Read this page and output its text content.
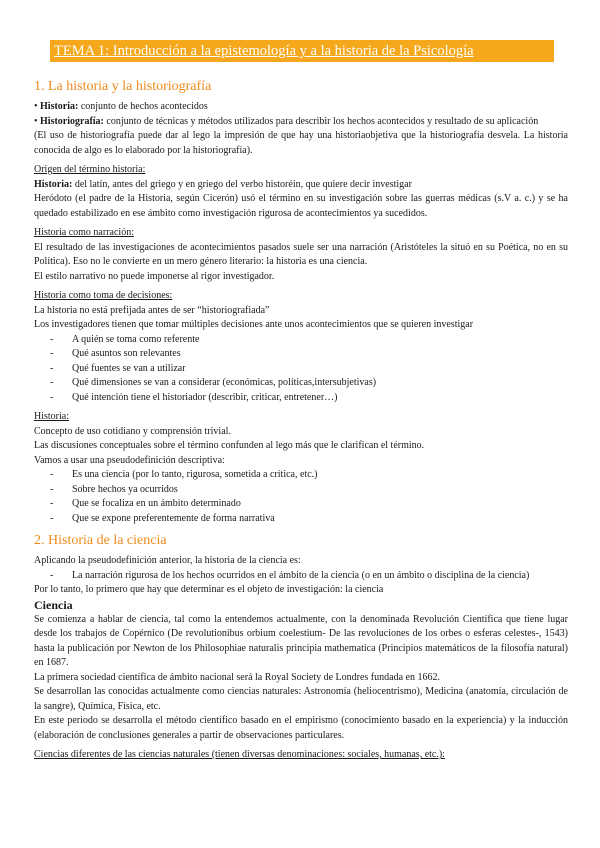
TEMA 1: Introducción a la epistemología y a la historia de la Psicología
1. La historia y la historiografía

• Historia: conjunto de hechos acontecidos

• Historiografía: conjunto de técnicas y métodos utilizados para describir los hechos acontecidos y resultado de su aplicación

(El uso de historiografía puede dar al lego la impresión de que hay una historiaobjetiva que la historiografía desvela. La historia conocida de algo es lo elaborado por la historiografía).

Origen del término historia:

Historia: del latín, antes del griego y en griego del verbo historéin, que quiere decir investigar

Heródoto (el padre de la Historia, según Cicerón) usó el término en su investigación sobre las guerras médicas (s.V a. c.) y se ha quedado estabilizado en ese ámbito como investigación rigurosa de acontecimientos ya sucedidos.

Historia como narración:

El resultado de las investigaciones de acontecimientos pasados suele ser una narración (Aristóteles la situó en su Poética, no en su Política). Eso no le convierte en un mero género literario: la historia es una ciencia.

El estilo narrativo no puede imponerse al rigor investigador.

Historia como toma de decisiones:

La historia no está prefijada antes de ser “historiografiada”

Los investigadores tienen que tomar múltiples decisiones ante unos acontecimientos que se quieren investigar

- A quién se toma como referente
- Qué asuntos son relevantes
- Qué fuentes se van a utilizar
- Qué dimensiones se van a considerar (económicas, políticas,intersubjetivas)
- Qué intención tiene el historiador (describir, criticar, entretener…)

Historia:

Concepto de uso cotidiano y comprensión trivial.

Las discusiones conceptuales sobre el término confunden al lego más que le clarifican el término.

Vamos a usar una pseudodefinición descriptiva:

- Es una ciencia (por lo tanto, rigurosa, sometida a crítica, etc.)
- Sobre hechos ya ocurridos
- Que se focaliza en un ámbito determinado
- Que se expone preferentemente de forma narrativa
2. Historia de la ciencia

Aplicando la pseudodefinición anterior, la historia de la ciencia es:

- La narración rigurosa de los hechos ocurridos en el ámbito de la ciencia (o en un ámbito o disciplina de la ciencia)

Por lo tanto, lo primero que hay que determinar es el objeto de investigación: la ciencia

Ciencia

Se comienza a hablar de ciencia, tal como la entendemos actualmente, con la denominada Revolución Científica que tiene lugar desde los trabajos de Copérnico (De revolutionibus orbium coelestium- De las revoluciones de los orbes o esferas celestes-, 1543) hasta la publicación por Newton de los Philosophiae naturalis principia mathematica (Principios matemáticos de la filosofía natural) en 1687.

La primera sociedad científica de ámbito nacional será la Royal Society de Londres fundada en 1662.

Se desarrollan las conocidas actualmente como ciencias naturales: Astronomía (heliocentrismo), Medicina (anatomía, circulación de la sangre), Química, Física, etc.

En este periodo se desarrolla el método científico basado en el empirismo (conocimiento basado en la experiencia) y la inducción (elaboración de conclusiones generales a partir de observaciones particulares.

Ciencias diferentes de las ciencias naturales (tienen diversas denominaciones: sociales, humanas, etc.):
